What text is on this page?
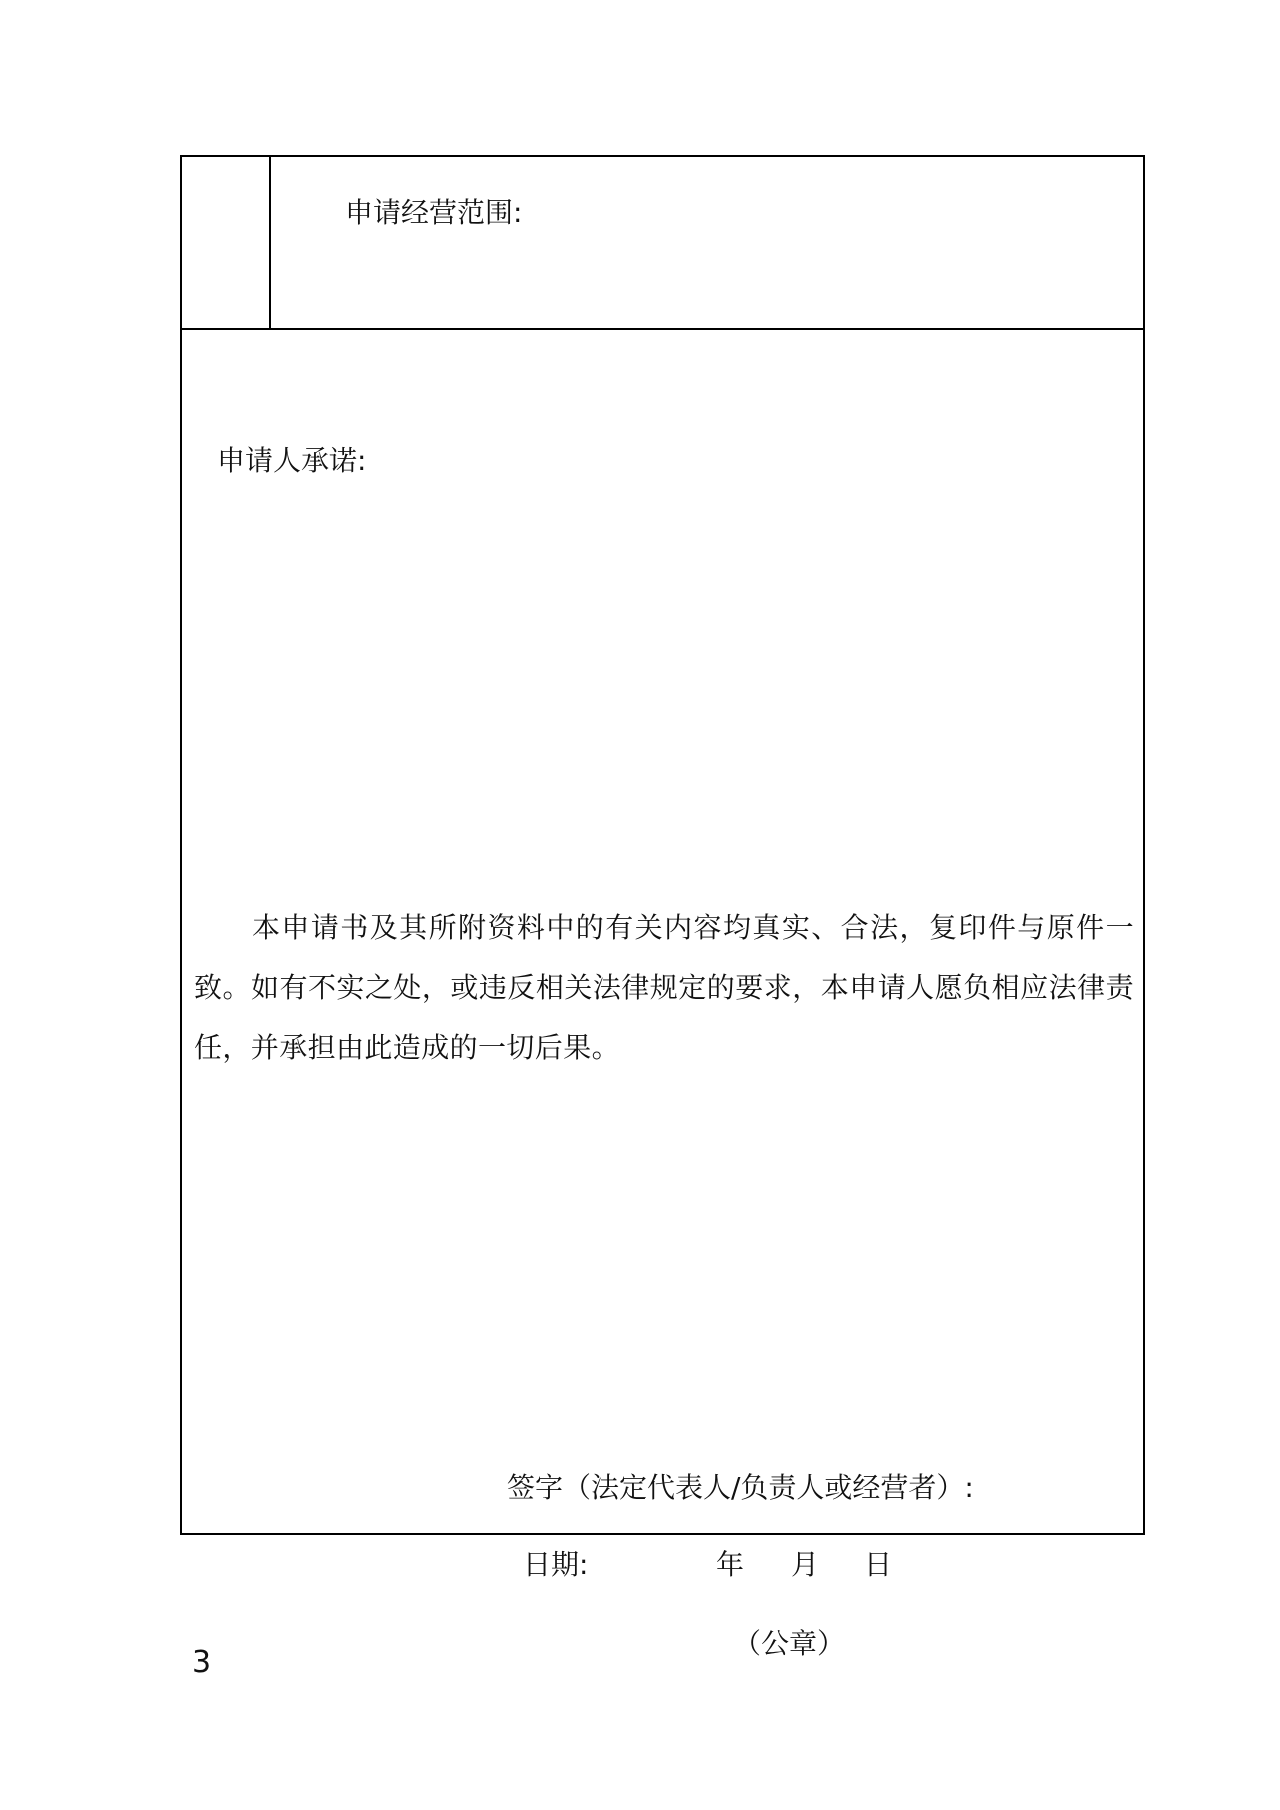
申请经营范围:
申请人承诺:

本申请书及其所附资料中的有关内容均真实、合法，复印件与原件一致。如有不实之处，或违反相关法律规定的要求，本申请人愿负相应法律责任，并承担由此造成的一切后果。

签字（法定代表人/负责人或经营者）:
日期:	年 月 日
（公章）
3
